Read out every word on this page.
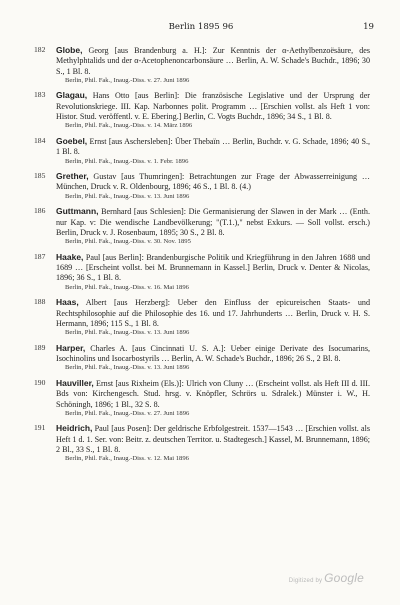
Berlin 1895 96	19
182	Globe, Georg [aus Brandenburg a. H.]: Zur Kenntnis der α-Aethylbenzoësäure, des Methylphtalids und der α-Acetophenoncarbonsäure … Berlin, A. W. Schade's Buchdr., 1896; 30 S., 1 Bl. 8.
Berlin, Phil. Fak., Inaug.-Diss. v. 27. Juni 1896
183	Glagau, Hans Otto [aus Berlin]: Die französische Legislative und der Ursprung der Revolutionskriege. III. Kap. Narbonnes polit. Programm … [Erschien vollst. als Heft 1 von: Histor. Stud. veröffentl. v. E. Ebering.] Berlin, C. Vogts Buchdr., 1896; 34 S., 1 Bl. 8.
Berlin, Phil. Fak., Inaug.-Diss. v. 14. März 1896
184	Goebel, Ernst [aus Aschersleben]: Über Thebaïn … Berlin, Buchdr. v. G. Schade, 1896; 40 S., 1 Bl. 8.
Berlin, Phil. Fak., Inaug.-Diss. v. 1. Febr. 1896
185	Grether, Gustav [aus Thumringen]: Betrachtungen zur Frage der Abwasserreinigung … München, Druck v. R. Oldenbourg, 1896; 46 S., 1 Bl. 8. (4.)
Berlin, Phil. Fak., Inaug.-Diss. v. 13. Juni 1896
186	Guttmann, Bernhard [aus Schlesien]: Die Germanisierung der Slawen in der Mark … (Enth. nur Kap. v: Die wendische Landbevölkerung; "(T.1.)," nebst Exkurs. — Soll vollst. ersch.) Berlin, Druck v. J. Rosenbaum, 1895; 30 S., 2 Bl. 8.
Berlin, Phil. Fak., Inaug.-Diss. v. 30. Nov. 1895
187	Haake, Paul [aus Berlin]: Brandenburgische Politik und Kriegführung in den Jahren 1688 und 1689 … [Erscheint vollst. bei M. Brunnemann in Kassel.] Berlin, Druck v. Denter & Nicolas, 1896; 36 S., 1 Bl. 8.
Berlin, Phil. Fak., Inaug.-Diss. v. 16. Mai 1896
188	Haas, Albert [aus Herzberg]: Ueber den Einfluss der epicureischen Staats- und Rechtsphilosophie auf die Philosophie des 16. und 17. Jahrhunderts … Berlin, Druck v. H. S. Hermann, 1896; 115 S., 1 Bl. 8.
Berlin, Phil. Fak., Inaug.-Diss. v. 13. Juni 1896
189	Harper, Charles A. [aus Cincinnati U. S. A.]: Ueber einige Derivate des Isocumarins, Isochinolins und Isocarbostyrils … Berlin, A. W. Schade's Buchdr., 1896; 26 S., 2 Bl. 8.
Berlin, Phil. Fak., Inaug.-Diss. v. 13. Juni 1896
190	Hauviller, Ernst [aus Rixheim (Els.)]: Ulrich von Cluny … (Erscheint vollst. als Heft III d. III. Bds von: Kirchengesch. Stud. hrsg. v. Knöpfler, Schrörs u. Sdralek.) Münster i. W., H. Schöningh, 1896; 1 Bl., 32 S. 8.
Berlin, Phil. Fak., Inaug.-Diss. v. 27. Juni 1896
191	Heidrich, Paul [aus Posen]: Der geldrische Erbfolgestreit. 1537—1543 … [Erschien vollst. als Heft 1 d. 1. Ser. von: Beitr. z. deutschen Territor. u. Stadtegesch.] Kassel, M. Brunnemann, 1896; 2 Bl., 33 S., 1 Bl. 8.
Berlin, Phil. Fak., Inaug.-Diss. v. 12. Mai 1896
Digitized by Google
